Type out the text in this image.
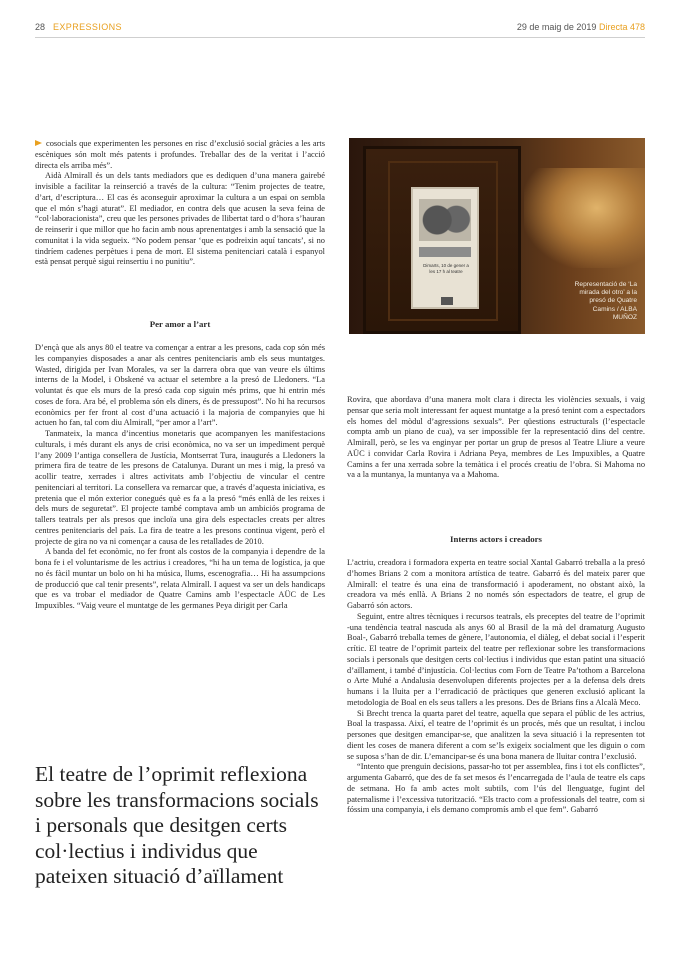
28 EXPRESSIONS	29 de maig de 2019 Directa 478

cosocials que experimenten les persones en risc d’exclusió social gràcies a les arts escèniques són molt més patents i profundes. Treballar des de la veritat i l’acció directa els arriba més”.

Aidà Almirall és un dels tants mediadors que es dediquen d’una manera gairebé invisible a facilitar la reinserció a través de la cultura: “Tenim projectes de teatre, d’art, d’escriptura… El cas és aconseguir aproximar la cultura a un espai on sembla que el món s’hagi aturat”. El mediador, en contra dels que acusen la seva feina de “col·laboracionista”, creu que les persones privades de llibertat tard o d’hora s’hauran de reinserir i que millor que ho facin amb nous aprenentatges i amb la sensació que la comunitat i la vida segueix. “No podem pensar ‘que es podreixin aquí tancats’, si no tindríem cadenes perpètues i pena de mort. El sistema penitenciari català i espanyol està pensat perquè sigui reinsertiu i no punitiu”.

Per amor a l’art

D’ençà que als anys 80 el teatre va començar a entrar a les presons, cada cop són més les companyies disposades a anar als centres penitenciaris amb els seus muntatges. Wasted, dirigida per Ivan Morales, va ser la darrera obra que van veure els últims interns de la Model, i Obskené va actuar el setembre a la presó de Lledoners. “La voluntat és que els murs de la presó cada cop siguin més prims, que hi entrin més coses de fora. Ara bé, el problema són els diners, és de pressupost”. No hi ha recursos econòmics per fer front al cost d’una actuació i la majoria de companyies que hi actuen ho fan, tal com diu Almirall, “per amor a l’art”.

Tanmateix, la manca d’incentius monetaris que acompanyen les manifestacions culturals, i més durant els anys de crisi econòmica, no va ser un impediment perquè l’any 2009 l’antiga consellera de Justícia, Montserrat Tura, inaugurés a Lledoners la primera fira de teatre de les presons de Catalunya. Durant un mes i mig, la presó va acollir teatre, xerrades i altres activitats amb l’objectiu de vincular el centre penitenciari al territori. La consellera va remarcar que, a través d’aquesta iniciativa, es pretenia que el món exterior conegués què es fa a la presó “més enllà de les reixes i dels murs de seguretat”. El projecte també comptava amb un ambiciós programa de tallers teatrals per als presos que incloïa una gira dels espectacles creats per altres centres penitenciaris del país. La fira de teatre a les presons continua vigent, però el projecte de gira no va ni començar a causa de les retallades de 2010.

A banda del fet econòmic, no fer front als costos de la companyia i dependre de la bona fe i el voluntarisme de les actrius i creadores, “hi ha un tema de logística, ja que no és fàcil muntar un bolo on hi ha música, llums, escenografia… Hi ha assumpcions de producció que cal tenir presents”, relata Almirall. I aquest va ser un dels handicaps que es va trobar el mediador de Quatre Camins amb l’espectacle AÜC de Les Impuxibles. “Vaig veure el muntatge de les germanes Peya dirigit per Carla

Dimarts, 10 de gener a les 17 h al teatre
Representació de ‘La mirada del otro’ a la presó de Quatre Camins / ALBA MUÑOZ

Rovira, que abordava d’una manera molt clara i directa les violències sexuals, i vaig pensar que seria molt interessant fer aquest muntatge a la presó tenint com a espectadors els homes del mòdul d’agressions sexuals”. Per qüestions estructurals (l’espectacle compta amb un piano de cua), va ser impossible fer la representació dins del centre. Almirall, però, se les va enginyar per portar un grup de presos al Teatre Lliure a veure AÜC i convidar Carla Rovira i Adriana Peya, membres de Les Impuxibles, a Quatre Camins a fer una xerrada sobre la temàtica i el procés creatiu de l’obra. Si Mahoma no va a la muntanya, la muntanya va a Mahoma.

Interns actors i creadors

L’actriu, creadora i formadora experta en teatre social Xantal Gabarró treballa a la presó d’homes Brians 2 com a monitora artística de teatre. Gabarró és del mateix parer que Almirall: el teatre és una eina de transformació i apoderament, no obstant això, la creadora va més enllà. A Brians 2 no només són espectadors de teatre, el grup de Gabarró són actors.

Seguint, entre altres tècniques i recursos teatrals, els preceptes del teatre de l’oprimit -una tendència teatral nascuda als anys 60 al Brasil de la mà del dramaturg Augusto Boal-, Gabarró treballa temes de gènere, l’autonomia, el diàleg, el debat social i l’esperit crític. El teatre de l’oprimit parteix del teatre per reflexionar sobre les transformacions socials i personals que desitgen certs col·lectius i individus que estan patint una situació d’aïllament, i també d’injustícia. Col·lectius com Forn de Teatre Pa’tothom a Barcelona o Arte Muhé a Andalusia desenvolupen diferents projectes per a la defensa dels drets humans i la lluita per a l’erradicació de pràctiques que generen exclusió aplicant la metodologia de Boal en els seus tallers a les presons. Des de Brians fins a Alcalà Meco.

Si Brecht trenca la quarta paret del teatre, aquella que separa el públic de les actrius, Boal la traspassa. Així, el teatre de l’oprimit és un procés, més que un resultat, i inclou persones que desitgen emancipar-se, que analitzen la seva situació i la representen tot dient les coses de manera diferent a com se’ls exigeix socialment que les diguin o com se suposa s’han de dir. L’emancipar-se és una bona manera de lluitar contra l’exclusió.

“Intento que prenguin decisions, passar-ho tot per assemblea, fins i tot els conflictes”, argumenta Gabarró, que des de fa set mesos és l’encarregada de l’aula de teatre els caps de setmana. Ho fa amb actes molt subtils, com l’ús del llenguatge, fugint del paternalisme i l’excessiva tutorització. “Els tracto com a professionals del teatre, com si fóssim una companyia, i els demano compromís amb el que fem”. Gabarró

El teatre de l’oprimit reflexiona sobre les transformacions socials i personals que desitgen certs col·lectius i individus que pateixen situació d’aïllament
